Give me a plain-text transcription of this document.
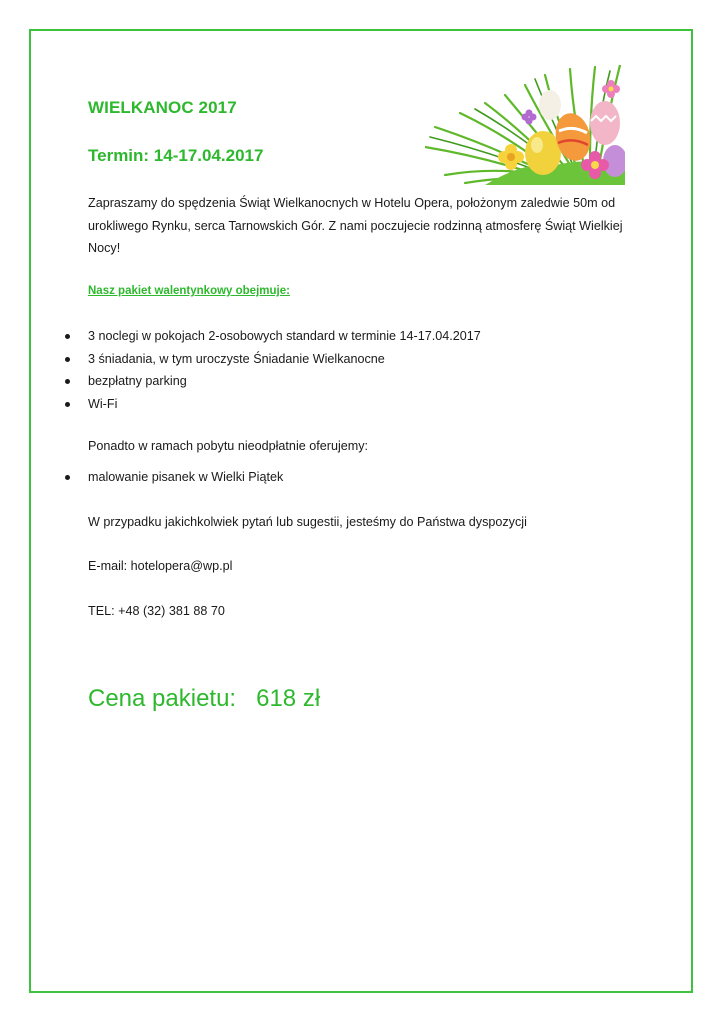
WIELKANOC 2017
Termin: 14-17.04.2017

Zapraszamy do spędzenia Świąt Wielkanocnych w Hotelu Opera, położonym zaledwie 50m od urokliwego Rynku, serca Tarnowskich Gór. Z nami poczujecie rodzinną atmosferę Świąt Wielkiej Nocy!

Nasz pakiet walentynkowy obejmuje:

3 noclegi w pokojach 2-osobowych standard w terminie 14-17.04.2017
3 śniadania, w tym uroczyste Śniadanie Wielkanocne
bezpłatny parking
Wi-Fi

Ponadto w ramach pobytu nieodpłatnie oferujemy:

malowanie pisanek w Wielki Piątek

W przypadku jakichkolwiek pytań lub sugestii, jesteśmy do Państwa dyspozycji

E-mail: hotelopera@wp.pl

TEL: +48 (32) 381 88 70

Cena pakietu:   618 zł
